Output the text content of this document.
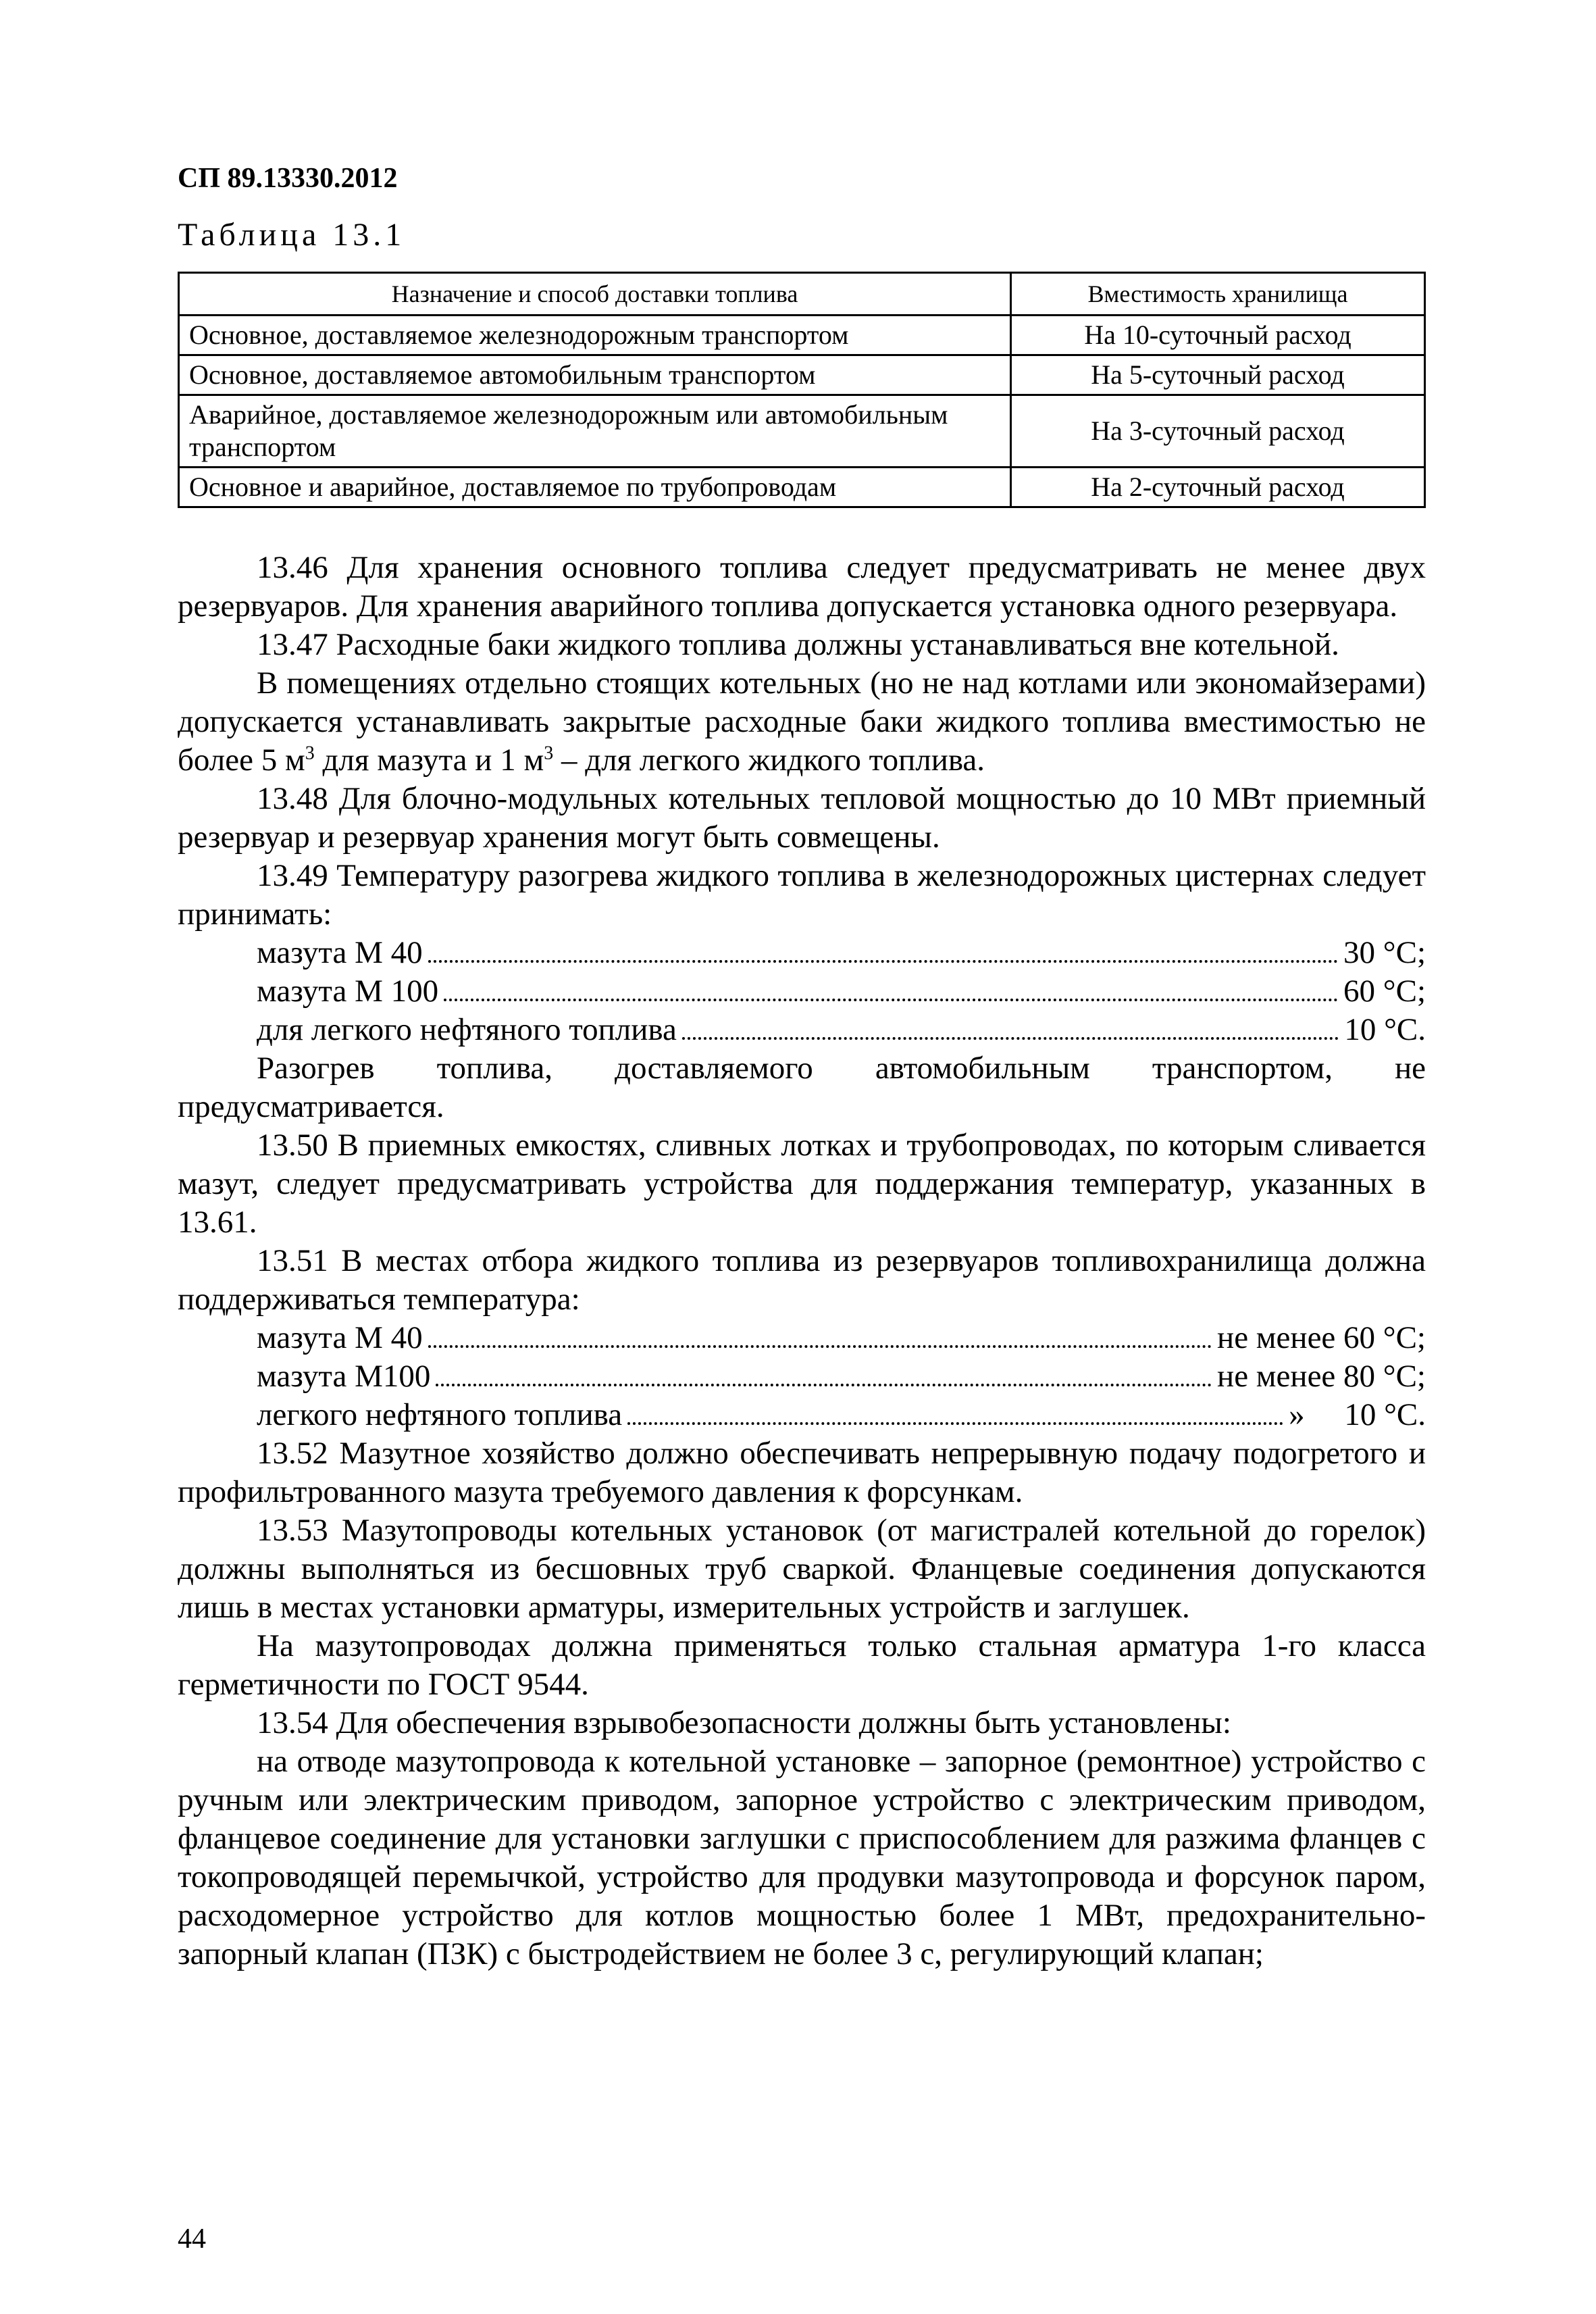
СП 89.13330.2012
Таблица 13.1
Назначение и способ доставки топлива	Вместимость хранилища
Основное, доставляемое железнодорожным транспортом	На 10-суточный расход
Основное, доставляемое автомобильным транспортом	На 5-суточный расход
Аварийное, доставляемое железнодорожным или автомобильным транспортом	На 3-суточный расход
Основное и аварийное, доставляемое по трубопроводам	На 2-суточный расход

13.46 Для хранения основного топлива следует предусматривать не менее двух резервуаров. Для хранения аварийного топлива допускается установка одного резервуара.

13.47 Расходные баки жидкого топлива должны устанавливаться вне котельной.

В помещениях отдельно стоящих котельных (но не над котлами или экономайзерами) допускается устанавливать закрытые расходные баки жидкого топлива вместимостью не более 5 $м^3$ для мазута и 1 $м^3$ – для легкого жидкого топлива.

13.48 Для блочно-модульных котельных тепловой мощностью до 10 МВт приемный резервуар и резервуар хранения могут быть совмещены.

13.49 Температуру разогрева жидкого топлива в железнодорожных цистернах следует принимать:

мазута М 40	30 °С;
мазута М 100	60 °С;
для легкого нефтяного топлива	10 °С.

Разогрев топлива, доставляемого автомобильным транспортом, не предусматривается.

13.50 В приемных емкостях, сливных лотках и трубопроводах, по которым сливается мазут, следует предусматривать устройства для поддержания температур, указанных в 13.61.

13.51 В местах отбора жидкого топлива из резервуаров топливохранилища должна поддерживаться температура:

мазута М 40	не менее 60 °С;
мазута М100	не менее 80 °С;
легкого нефтяного топлива	»     10 °С.

13.52 Мазутное хозяйство должно обеспечивать непрерывную подачу подогретого и профильтрованного мазута требуемого давления к форсункам.

13.53 Мазутопроводы котельных установок (от магистралей котельной до горелок) должны выполняться из бесшовных труб сваркой. Фланцевые соединения допускаются лишь в местах установки арматуры, измерительных устройств и заглушек.

На мазутопроводах должна применяться только стальная арматура 1-го класса герметичности по ГОСТ 9544.

13.54 Для обеспечения взрывобезопасности должны быть установлены:

на отводе мазутопровода к котельной установке – запорное (ремонтное) устройство с ручным или электрическим приводом, запорное устройство с электрическим приводом, фланцевое соединение для установки заглушки с приспособлением для разжима фланцев с токопроводящей перемычкой, устройство для продувки мазутопровода и форсунок паром, расходомерное устройство для котлов мощностью более 1 МВт, предохранительно-запорный клапан (ПЗК) с быстродействием не более 3 с, регулирующий клапан;

44
